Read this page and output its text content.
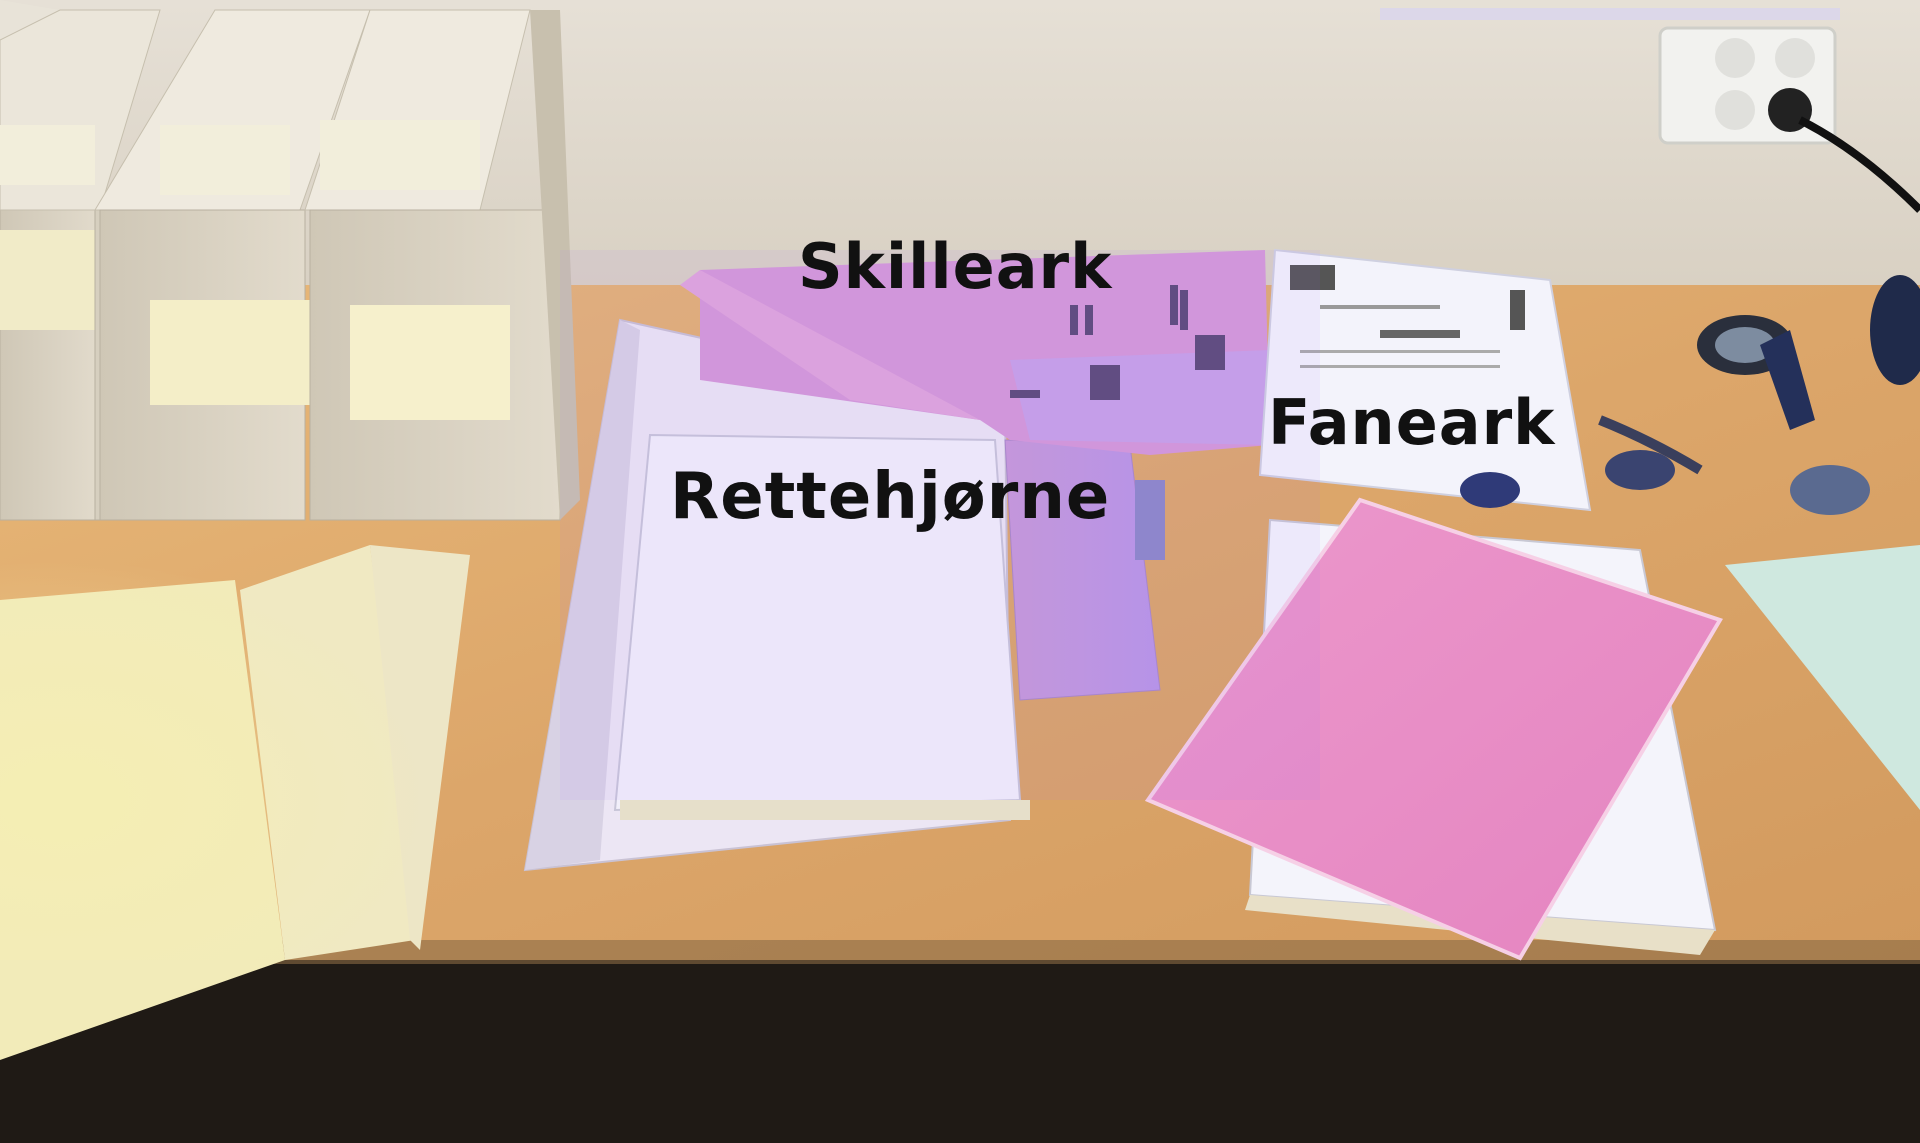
Skilleark
Rettehjørne
Faneark
